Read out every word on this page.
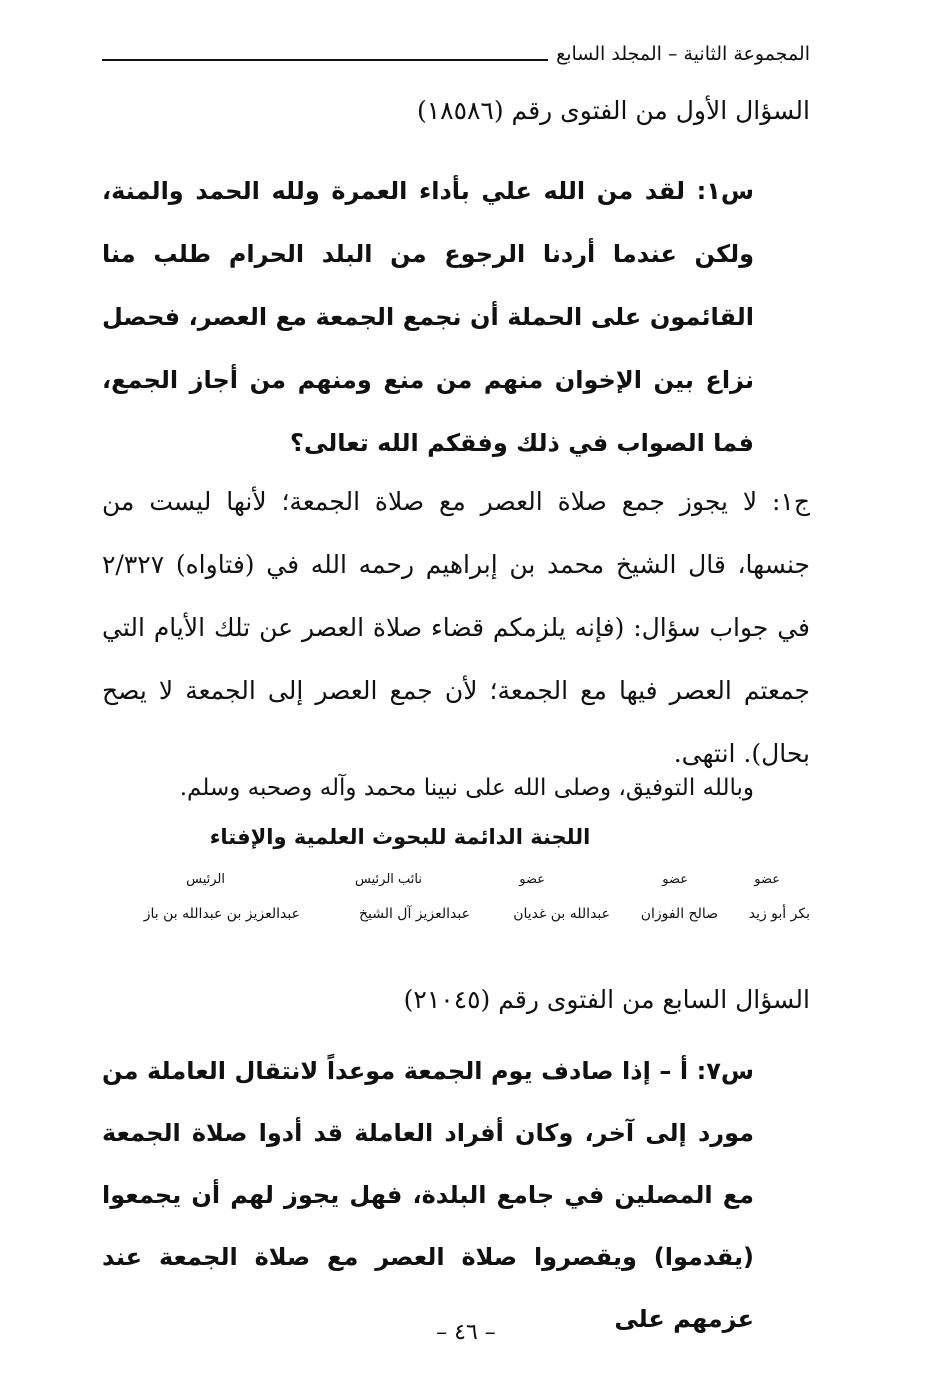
المجموعة الثانية – المجلد السابع
السؤال الأول من الفتوى رقم (١٨٥٨٦)
س١: لقد من الله علي بأداء العمرة ولله الحمد والمنة، ولكن عندما أردنا الرجوع من البلد الحرام طلب منا القائمون على الحملة أن نجمع الجمعة مع العصر، فحصل نزاع بين الإخوان منهم من منع ومنهم من أجاز الجمع، فما الصواب في ذلك وفقكم الله تعالى؟
ج١: لا يجوز جمع صلاة العصر مع صلاة الجمعة؛ لأنها ليست من جنسها، قال الشيخ محمد بن إبراهيم رحمه الله في (فتاواه) ٢/٣٢٧ في جواب سؤال: (فإنه يلزمكم قضاء صلاة العصر عن تلك الأيام التي جمعتم العصر فيها مع الجمعة؛ لأن جمع العصر إلى الجمعة لا يصح بحال). انتهى.
وبالله التوفيق، وصلى الله على نبينا محمد وآله وصحبه وسلم.
اللجنة الدائمة للبحوث العلمية والإفتاء
عضو
بكر أبو زيد
عضو
صالح الفوزان
عضو
عبدالله بن غديان
نائب الرئيس
عبدالعزيز آل الشيخ
الرئيس
عبدالعزيز بن عبدالله بن باز
السؤال السابع من الفتوى رقم (٢١٠٤٥)
س٧: أ – إذا صادف يوم الجمعة موعداً لانتقال العاملة من مورد إلى آخر، وكان أفراد العاملة قد أدوا صلاة الجمعة مع المصلين في جامع البلدة، فهل يجوز لهم أن يجمعوا (يقدموا) ويقصروا صلاة العصر مع صلاة الجمعة عند عزمهم على
– ٤٦ –
